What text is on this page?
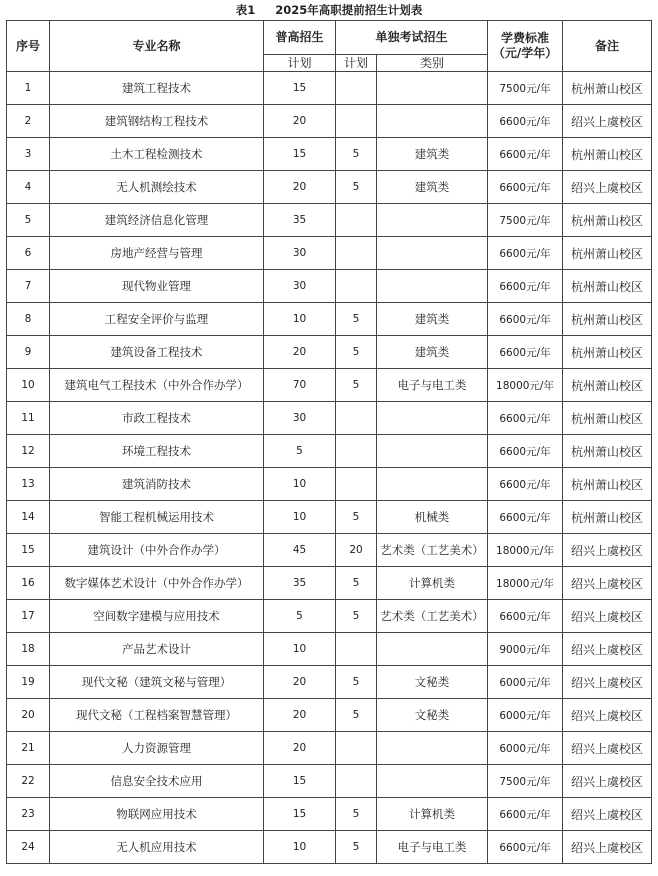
表1 2025年高职提前招生计划表
序号	专业名称	普高招生	单独考试招生		学费标准（元/学年）	备注
		计划	计划	类别		
1	建筑工程技术	15			7500元/年	杭州萧山校区
2	建筑钢结构工程技术	20			6600元/年	绍兴上虞校区
3	土木工程检测技术	15	5	建筑类	6600元/年	杭州萧山校区
4	无人机测绘技术	20	5	建筑类	6600元/年	绍兴上虞校区
5	建筑经济信息化管理	35			7500元/年	杭州萧山校区
6	房地产经营与管理	30			6600元/年	杭州萧山校区
7	现代物业管理	30			6600元/年	杭州萧山校区
8	工程安全评价与监理	10	5	建筑类	6600元/年	杭州萧山校区
9	建筑设备工程技术	20	5	建筑类	6600元/年	杭州萧山校区
10	建筑电气工程技术（中外合作办学）	70	5	电子与电工类	18000元/年	杭州萧山校区
11	市政工程技术	30			6600元/年	杭州萧山校区
12	环境工程技术	5			6600元/年	杭州萧山校区
13	建筑消防技术	10			6600元/年	杭州萧山校区
14	智能工程机械运用技术	10	5	机械类	6600元/年	杭州萧山校区
15	建筑设计（中外合作办学）	45	20	艺术类（工艺美术）	18000元/年	绍兴上虞校区
16	数字媒体艺术设计（中外合作办学）	35	5	计算机类	18000元/年	绍兴上虞校区
17	空间数字建模与应用技术	5	5	艺术类（工艺美术）	6600元/年	绍兴上虞校区
18	产品艺术设计	10			9000元/年	绍兴上虞校区
19	现代文秘（建筑文秘与管理）	20	5	文秘类	6000元/年	绍兴上虞校区
20	现代文秘（工程档案智慧管理）	20	5	文秘类	6000元/年	绍兴上虞校区
21	人力资源管理	20			6000元/年	绍兴上虞校区
22	信息安全技术应用	15			7500元/年	绍兴上虞校区
23	物联网应用技术	15	5	计算机类	6600元/年	绍兴上虞校区
24	无人机应用技术	10	5	电子与电工类	6600元/年	绍兴上虞校区
